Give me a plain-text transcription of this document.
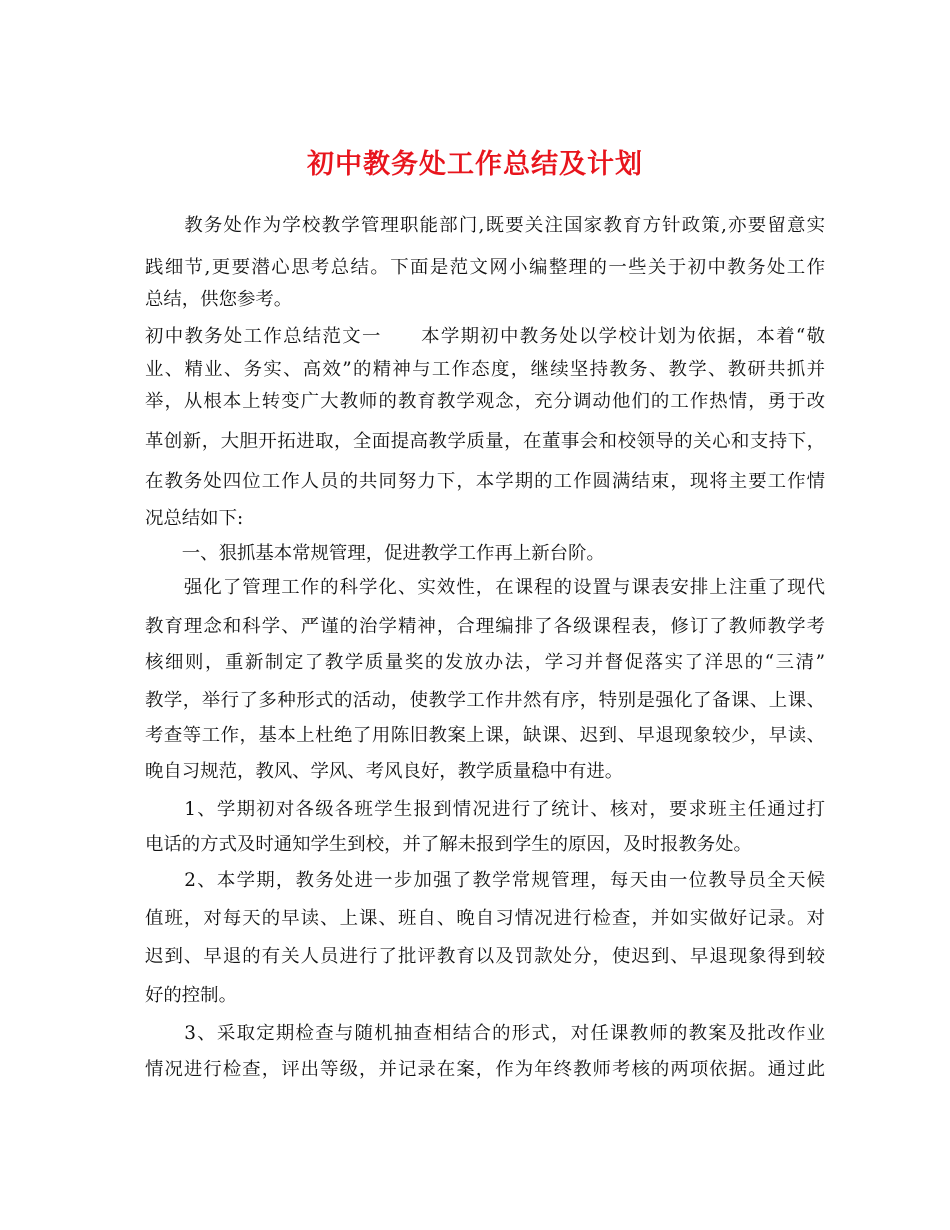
初中教务处工作总结及计划
　　教务处作为学校教学管理职能部门,既要关注国家教育方针政策,亦要留意实
践细节,更要潜心思考总结。下面是范文网小编整理的一些关于初中教务处工作
总结，供您参考。
初中教务处工作总结范文一　　本学期初中教务处以学校计划为依据，本着“敬
业、精业、务实、高效”的精神与工作态度，继续坚持教务、教学、教研共抓并
举，从根本上转变广大教师的教育教学观念，充分调动他们的工作热情，勇于改
革创新，大胆开拓进取，全面提高教学质量，在董事会和校领导的关心和支持下，
在教务处四位工作人员的共同努力下，本学期的工作圆满结束，现将主要工作情
况总结如下:
　　一、狠抓基本常规管理，促进教学工作再上新台阶。
　　强化了管理工作的科学化、实效性，在课程的设置与课表安排上注重了现代
教育理念和科学、严谨的治学精神，合理编排了各级课程表，修订了教师教学考
核细则，重新制定了教学质量奖的发放办法，学习并督促落实了洋思的“三清”
教学，举行了多种形式的活动，使教学工作井然有序，特别是强化了备课、上课、
考查等工作，基本上杜绝了用陈旧教案上课，缺课、迟到、早退现象较少，早读、
晚自习规范，教风、学风、考风良好，教学质量稳中有进。
　　1、学期初对各级各班学生报到情况进行了统计、核对，要求班主任通过打
电话的方式及时通知学生到校，并了解未报到学生的原因，及时报教务处。
　　2、本学期，教务处进一步加强了教学常规管理，每天由一位教导员全天候
值班，对每天的早读、上课、班自、晚自习情况进行检查，并如实做好记录。对
迟到、早退的有关人员进行了批评教育以及罚款处分，使迟到、早退现象得到较
好的控制。
　　3、采取定期检查与随机抽查相结合的形式，对任课教师的教案及批改作业
情况进行检查，评出等级，并记录在案，作为年终教师考核的两项依据。通过此
